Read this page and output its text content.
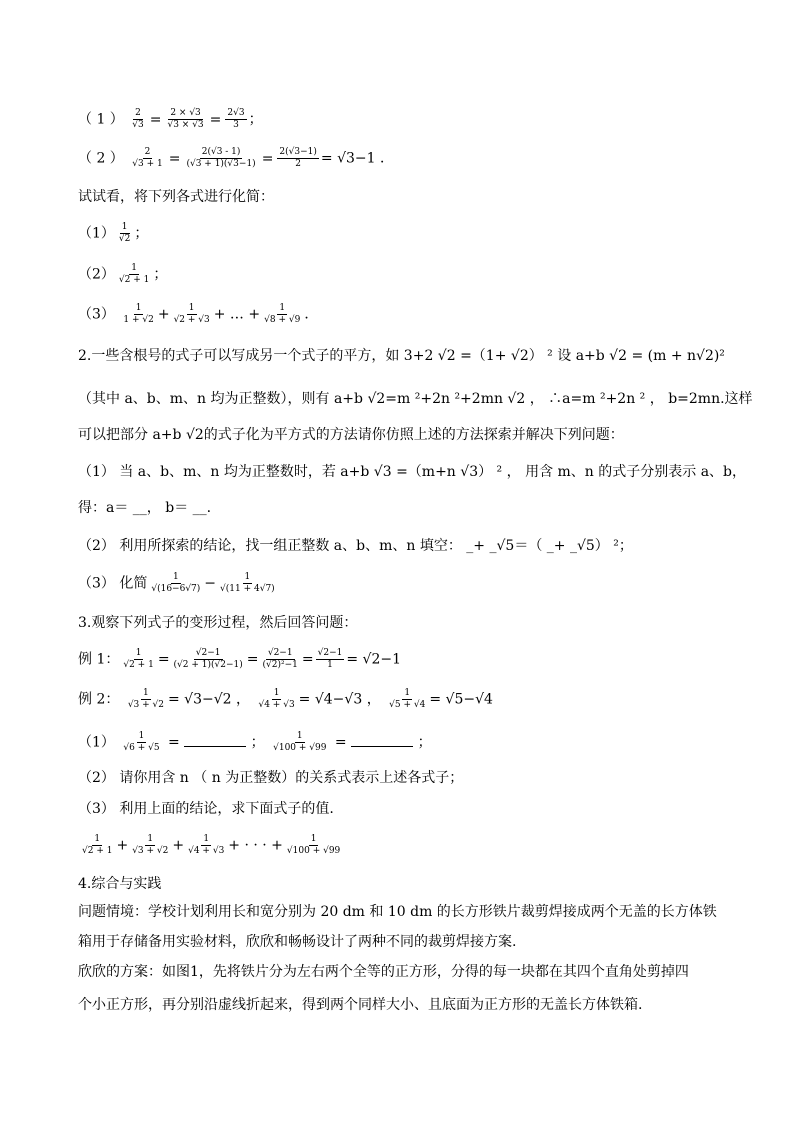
（ 1 ） $\frac{2}{√3} = \frac{2 \times √3}{√3 \times √3} = \frac{2√3}{3}$ ；
（ 2 ） $\frac{2}{√3 + 1} = \frac{2(√3 - 1)}{(√3 + 1)(√3-1)} = \frac{2(√3-1)}{2} = √3-1$ ．
试试看，将下列各式进行化简：
$(1) \frac{1}{√2}$ ；
$(2) \frac{1}{√2 + 1}$ ；
$(3) \frac{1}{1 + √2} + \frac{1}{√2 + √3}$ + … + $\frac{1}{√8 + √9}$ ．
2.一些含根号的式子可以写成另一个式子的平方，如 3+2 √2 =（1+ √2） ² 设 a+b √2 = (m + n√2)²
（其中 a、b、m、n 均为正整数），则有 a+b √2=m ²+2n ²+2mn √2 ， ∴a=m ²+2n ² ， b=2mn.这样
可以把部分 a+b √2的式子化为平方式的方法请你仿照上述的方法探索并解决下列问题：
（1） 当 a、b、m、n 均为正整数时，若 a+b √3 =（m+n √3） ² ， 用含 m、n 的式子分别表示 a、b，
得：a＝ __， b＝ __.
（2） 利用所探索的结论，找一组正整数 a、b、m、n 填空： _+ _√5＝（ _+ _√5） ²；
（3） 化简 $\frac{1}{√(16-6√7)} - \frac{1}{√(11 + 4√7)}$
3.观察下列式子的变形过程，然后回答问题：
例 1： $\frac{1}{√2 + 1} = \frac{√2-1}{(√2 + 1)(√2-1)} = \frac{√2-1}{\text{(√2)²−1}} = \frac{√2-1}{1} = √2-1$
例 2： $\frac{1}{√3 + √2} = √3-√2$ ， $\frac{1}{√4 + √3} = √4-√3$ ， $\frac{1}{√5 + √4} = √5-√4$
$(1) \frac{1}{√6 + √5}$ =	； $\frac{1}{√100 + √99}$ =	；
（2） 请你用含 n （ n 为正整数）的关系式表示上述各式子；
（3） 利用上面的结论，求下面式子的值.
$\frac{1}{√2 + 1} + \frac{1}{√3 + √2} + \frac{1}{√4 + √3}$ + · · · + $\frac{1}{√100 + √99}$
4.综合与实践
问题情境：学校计划利用长和宽分别为 20 dm 和 10 dm 的长方形铁片裁剪焊接成两个无盖的长方体铁
箱用于存储备用实验材料，欣欣和畅畅设计了两种不同的裁剪焊接方案.
欣欣的方案：如图1，先将铁片分为左右两个全等的正方形，分得的每一块都在其四个直角处剪掉四
个小正方形，再分别沿虚线折起来，得到两个同样大小、且底面为正方形的无盖长方体铁箱.
